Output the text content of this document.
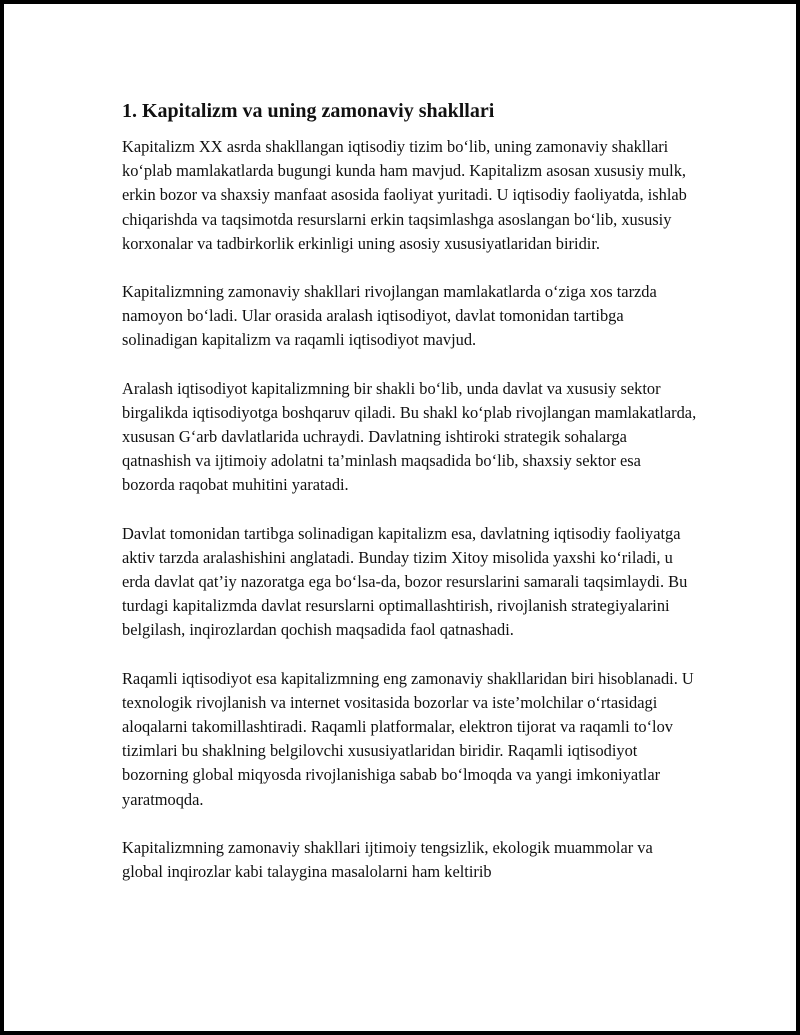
1. Kapitalizm va uning zamonaviy shakllari

Kapitalizm XX asrda shakllangan iqtisodiy tizim bo‘lib, uning zamonaviy shakllari ko‘plab mamlakatlarda bugungi kunda ham mavjud. Kapitalizm asosan xususiy mulk, erkin bozor va shaxsiy manfaat asosida faoliyat yuritadi. U iqtisodiy faoliyatda, ishlab chiqarishda va taqsimotda resurslarni erkin taqsimlashga asoslangan bo‘lib, xususiy korxonalar va tadbirkorlik erkinligi uning asosiy xususiyatlaridan biridir.

Kapitalizmning zamonaviy shakllari rivojlangan mamlakatlarda o‘ziga xos tarzda namoyon bo‘ladi. Ular orasida aralash iqtisodiyot, davlat tomonidan tartibga solinadigan kapitalizm va raqamli iqtisodiyot mavjud.

Aralash iqtisodiyot kapitalizmning bir shakli bo‘lib, unda davlat va xususiy sektor birgalikda iqtisodiyotga boshqaruv qiladi. Bu shakl ko‘plab rivojlangan mamlakatlarda, xususan G‘arb davlatlarida uchraydi. Davlatning ishtiroki strategik sohalarga qatnashish va ijtimoiy adolatni ta’minlash maqsadida bo‘lib, shaxsiy sektor esa bozorda raqobat muhitini yaratadi.

Davlat tomonidan tartibga solinadigan kapitalizm esa, davlatning iqtisodiy faoliyatga aktiv tarzda aralashishini anglatadi. Bunday tizim Xitoy misolida yaxshi ko‘riladi, u erda davlat qat’iy nazoratga ega bo‘lsa-da, bozor resurslarini samarali taqsimlaydi. Bu turdagi kapitalizmda davlat resurslarni optimallashtirish, rivojlanish strategiyalarini belgilash, inqirozlardan qochish maqsadida faol qatnashadi.

Raqamli iqtisodiyot esa kapitalizmning eng zamonaviy shakllaridan biri hisoblanadi. U texnologik rivojlanish va internet vositasida bozorlar va iste’molchilar o‘rtasidagi aloqalarni takomillashtiradi. Raqamli platformalar, elektron tijorat va raqamli to‘lov tizimlari bu shaklning belgilovchi xususiyatlaridan biridir. Raqamli iqtisodiyot bozorning global miqyosda rivojlanishiga sabab bo‘lmoqda va yangi imkoniyatlar yaratmoqda.

Kapitalizmning zamonaviy shakllari ijtimoiy tengsizlik, ekologik muammolar va global inqirozlar kabi talaygina masalolarni ham keltirib
